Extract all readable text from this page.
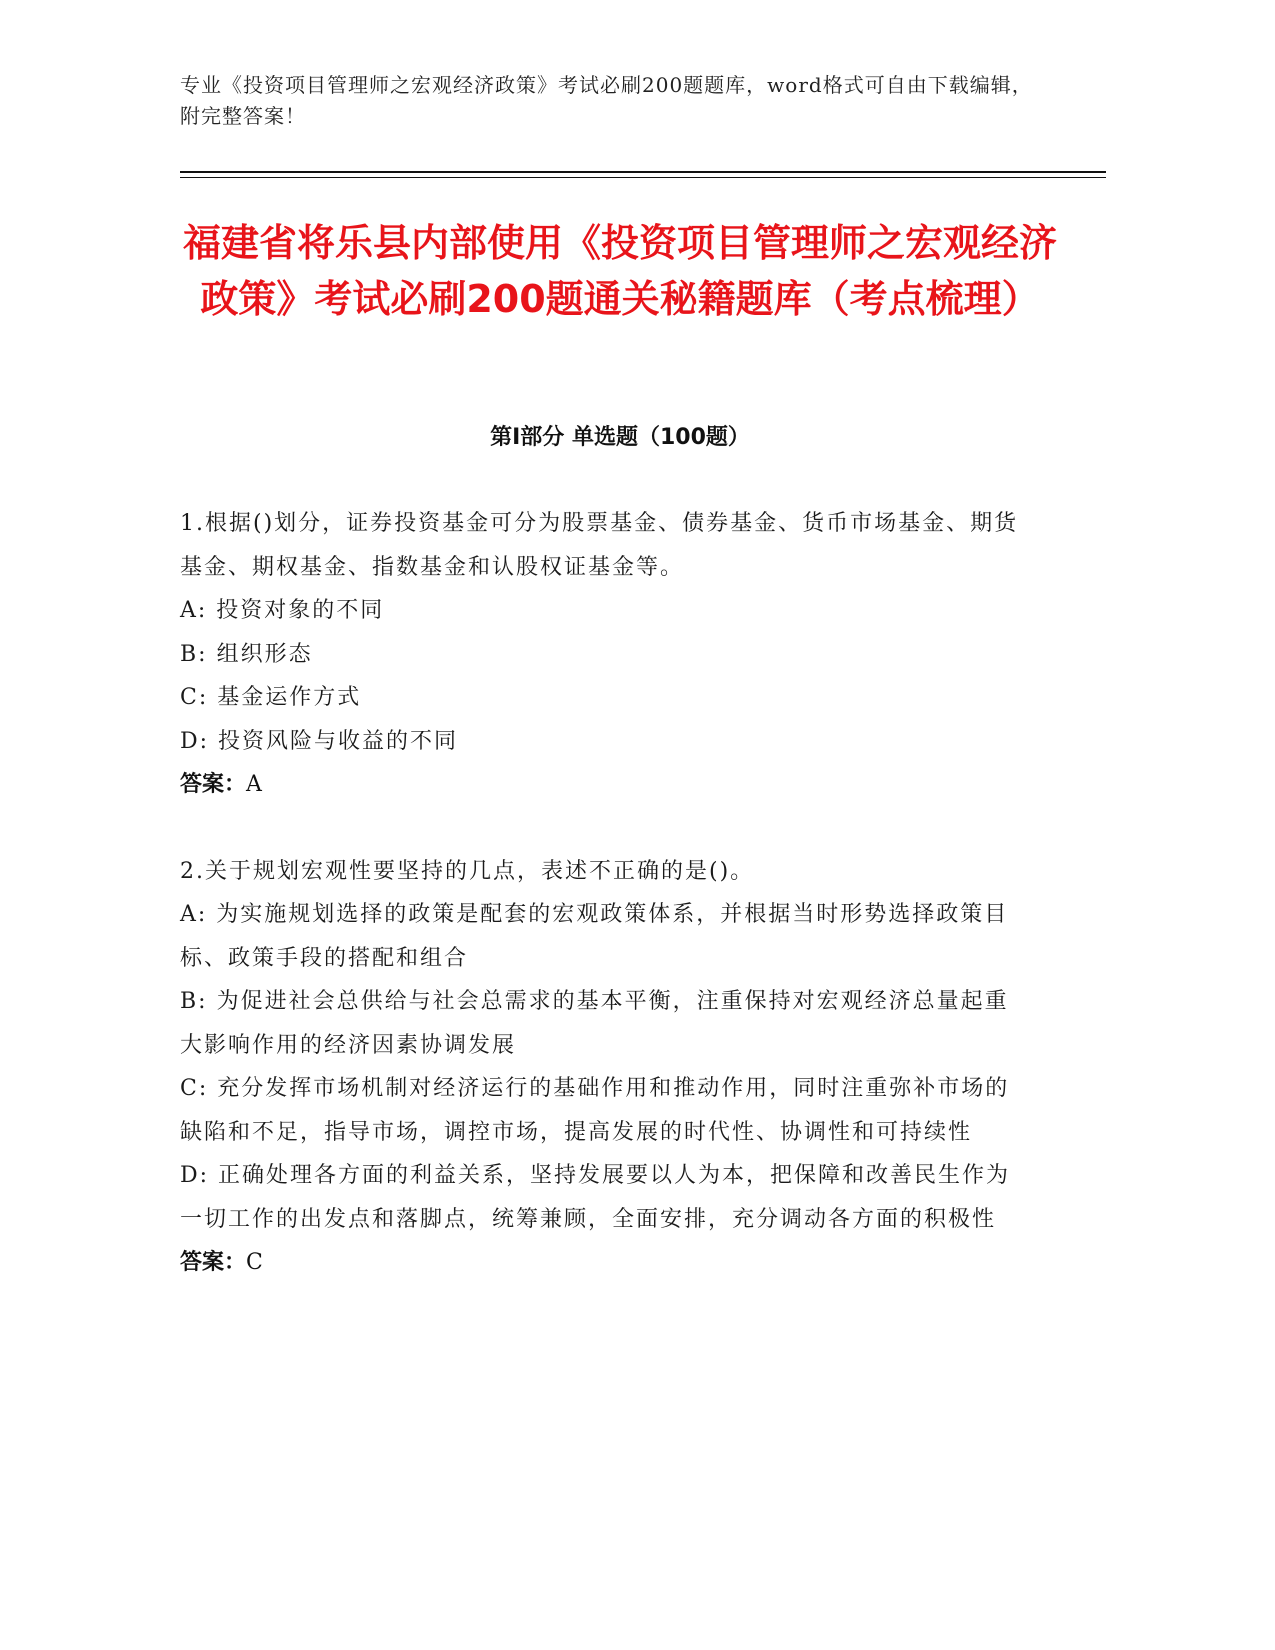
专业《投资项目管理师之宏观经济政策》考试必刷200题题库，word格式可自由下载编辑，附完整答案！
福建省将乐县内部使用《投资项目管理师之宏观经济政策》考试必刷200题通关秘籍题库（考点梳理）
第I部分 单选题（100题）
1.根据()划分，证券投资基金可分为股票基金、债券基金、货币市场基金、期货基金、期权基金、指数基金和认股权证基金等。
A: 投资对象的不同
B: 组织形态
C: 基金运作方式
D: 投资风险与收益的不同
答案：A
2.关于规划宏观性要坚持的几点，表述不正确的是()。
A: 为实施规划选择的政策是配套的宏观政策体系，并根据当时形势选择政策目标、政策手段的搭配和组合
B: 为促进社会总供给与社会总需求的基本平衡，注重保持对宏观经济总量起重大影响作用的经济因素协调发展
C: 充分发挥市场机制对经济运行的基础作用和推动作用，同时注重弥补市场的缺陷和不足，指导市场，调控市场，提高发展的时代性、协调性和可持续性
D: 正确处理各方面的利益关系，坚持发展要以人为本，把保障和改善民生作为一切工作的出发点和落脚点，统筹兼顾，全面安排，充分调动各方面的积极性
答案：C
